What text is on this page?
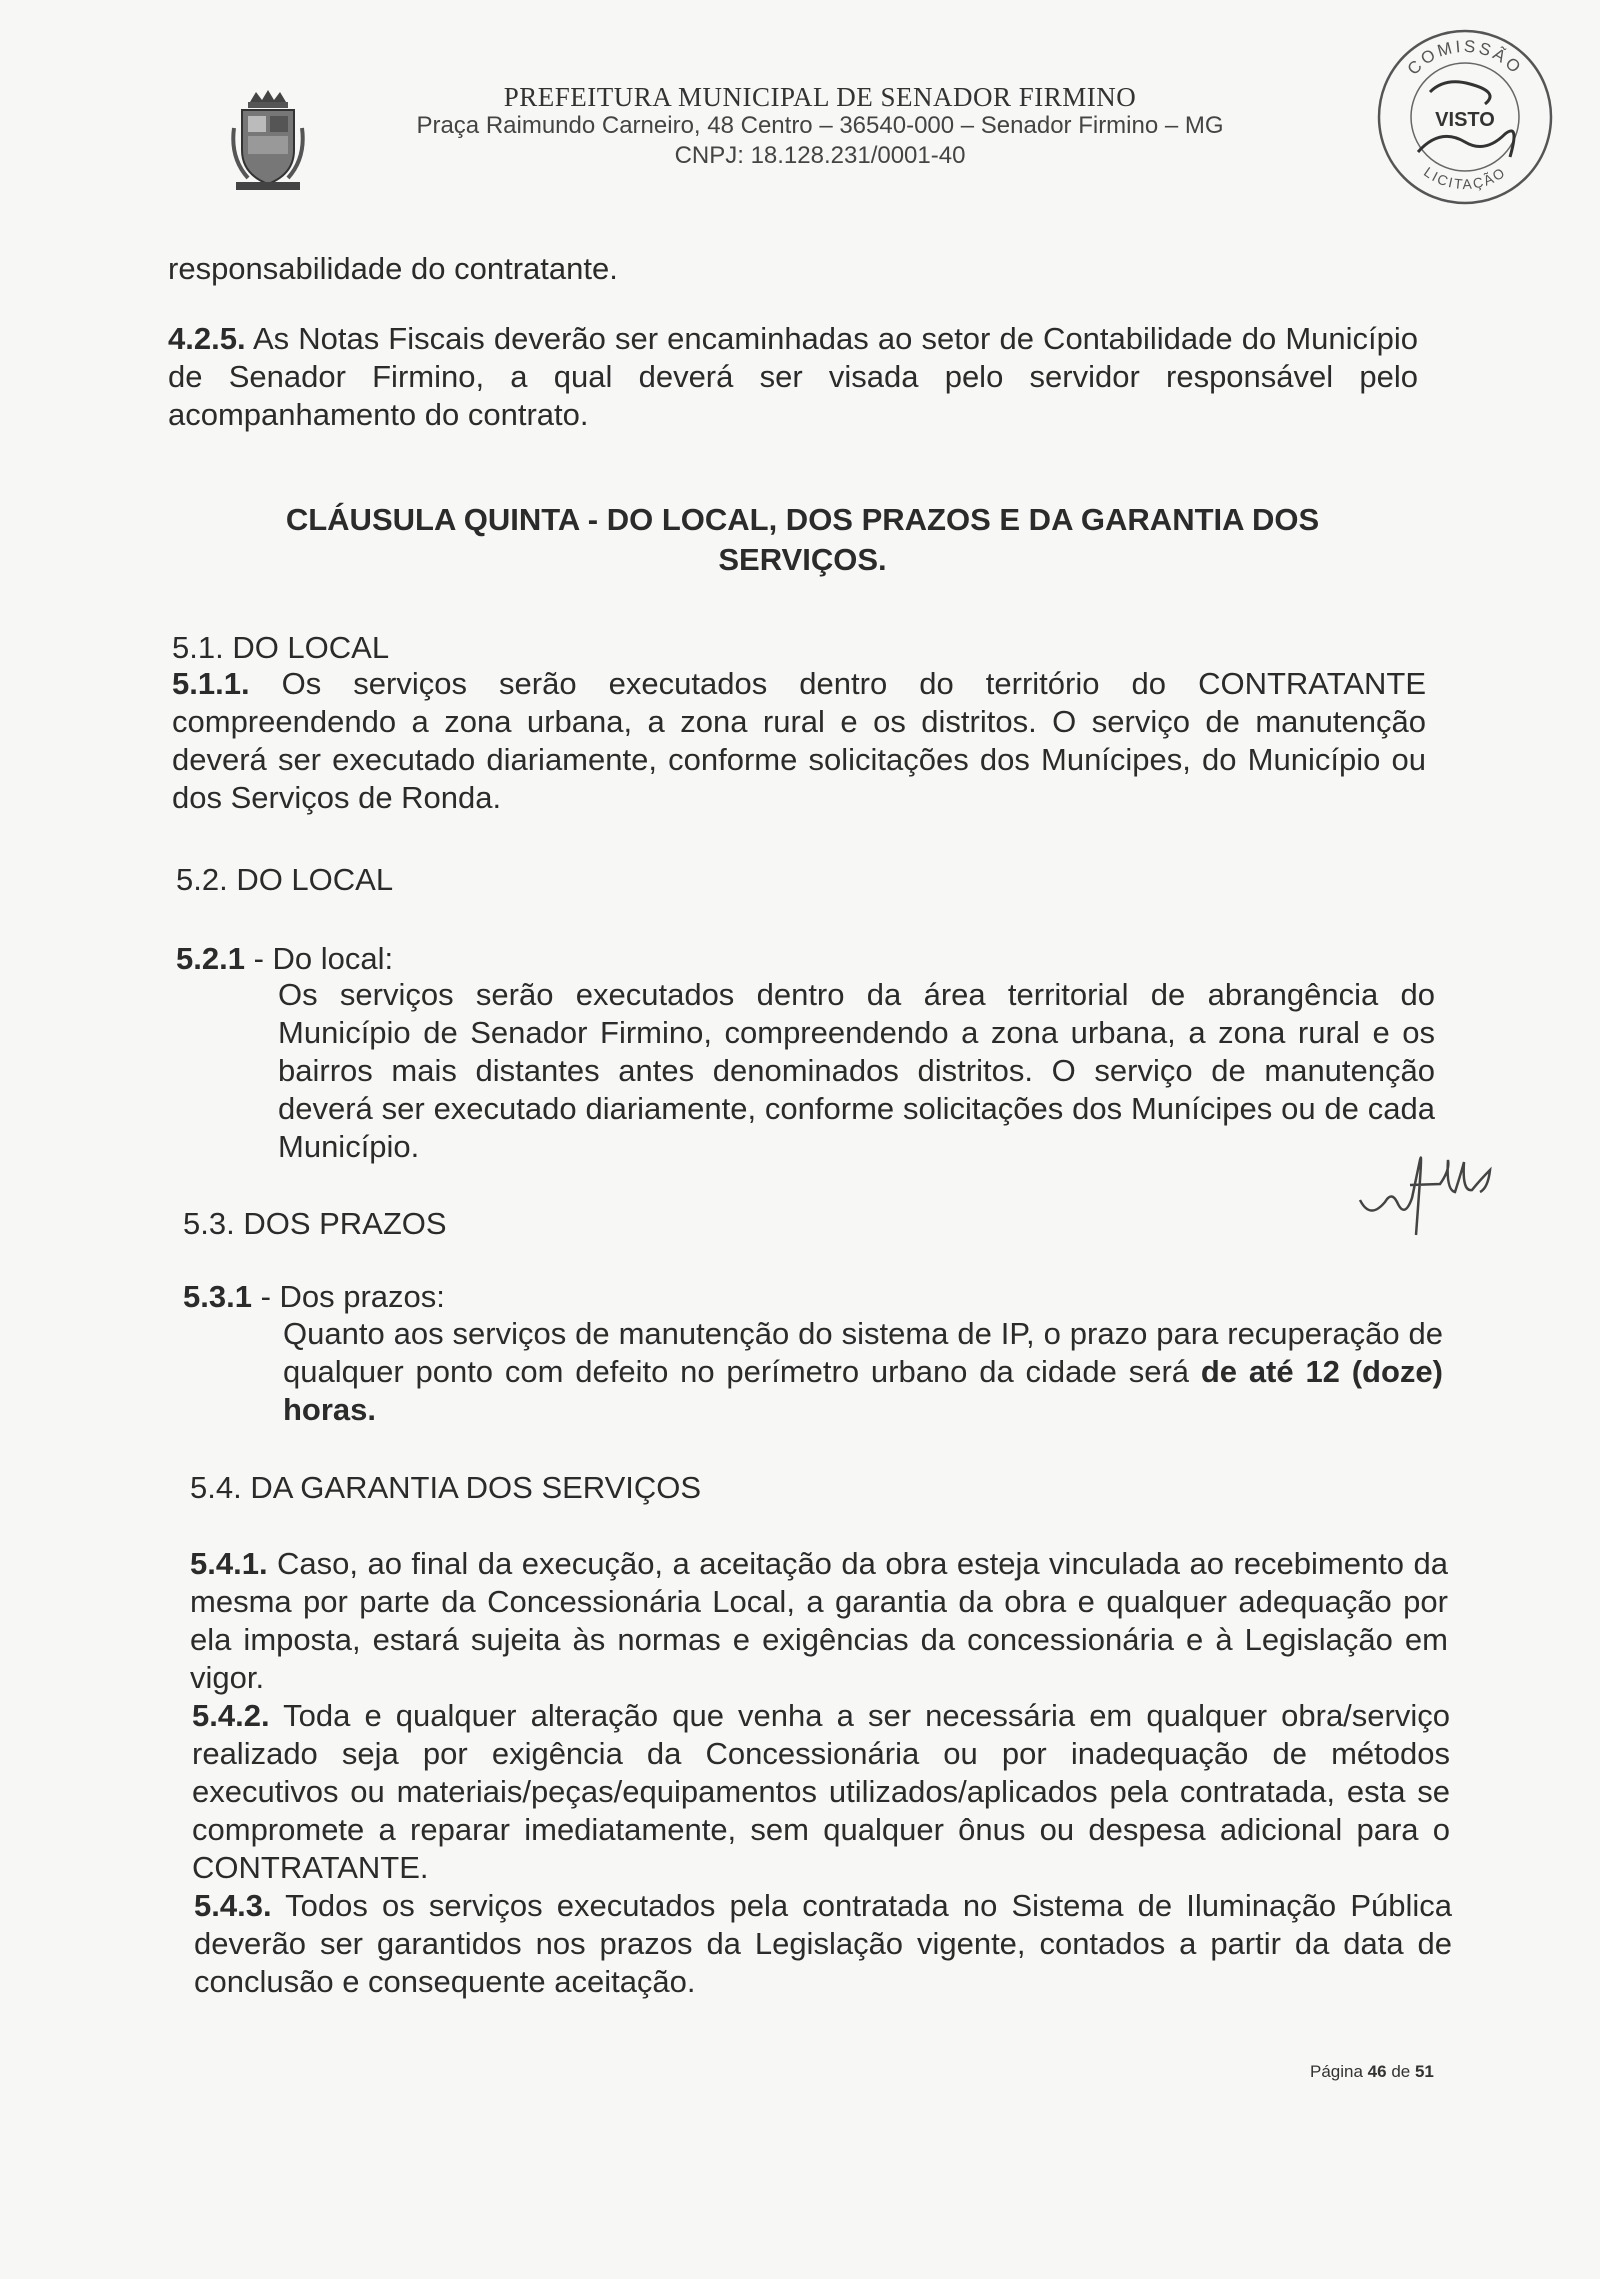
PREFEITURA MUNICIPAL DE SENADOR FIRMINO
Praça Raimundo Carneiro, 48 Centro – 36540-000 – Senador Firmino – MG
CNPJ: 18.128.231/0001-40
COMISSÃO
LICITAÇÃO
VISTO
responsabilidade do contratante.
4.2.5. As Notas Fiscais deverão ser encaminhadas ao setor de Contabilidade do Município de Senador Firmino, a qual deverá ser visada pelo servidor responsável pelo acompanhamento do contrato.
CLÁUSULA QUINTA - DO LOCAL, DOS PRAZOS E DA GARANTIA DOS
SERVIÇOS.
5.1. DO LOCAL
5.1.1. Os serviços serão executados dentro do território do CONTRATANTE compreendendo a zona urbana, a zona rural e os distritos. O serviço de manutenção deverá ser executado diariamente, conforme solicitações dos Munícipes, do Município ou dos Serviços de Ronda.
5.2. DO LOCAL
5.2.1 - Do local:
Os serviços serão executados dentro da área territorial de abrangência do Município de Senador Firmino, compreendendo a zona urbana, a zona rural e os bairros mais distantes antes denominados distritos. O serviço de manutenção deverá ser executado diariamente, conforme solicitações dos Munícipes ou de cada Município.
5.3. DOS PRAZOS
5.3.1 - Dos prazos:
Quanto aos serviços de manutenção do sistema de IP, o prazo para recuperação de qualquer ponto com defeito no perímetro urbano da cidade será de até 12 (doze) horas.
5.4. DA GARANTIA DOS SERVIÇOS
5.4.1. Caso, ao final da execução, a aceitação da obra esteja vinculada ao recebimento da mesma por parte da Concessionária Local, a garantia da obra e qualquer adequação por ela imposta, estará sujeita às normas e exigências da concessionária e à Legislação em vigor.
5.4.2. Toda e qualquer alteração que venha a ser necessária em qualquer obra/serviço realizado seja por exigência da Concessionária ou por inadequação de métodos executivos ou materiais/peças/equipamentos utilizados/aplicados pela contratada, esta se compromete a reparar imediatamente, sem qualquer ônus ou despesa adicional para o CONTRATANTE.
5.4.3. Todos os serviços executados pela contratada no Sistema de Iluminação Pública deverão ser garantidos nos prazos da Legislação vigente, contados a partir da data de conclusão e consequente aceitação.
Página 46 de 51
